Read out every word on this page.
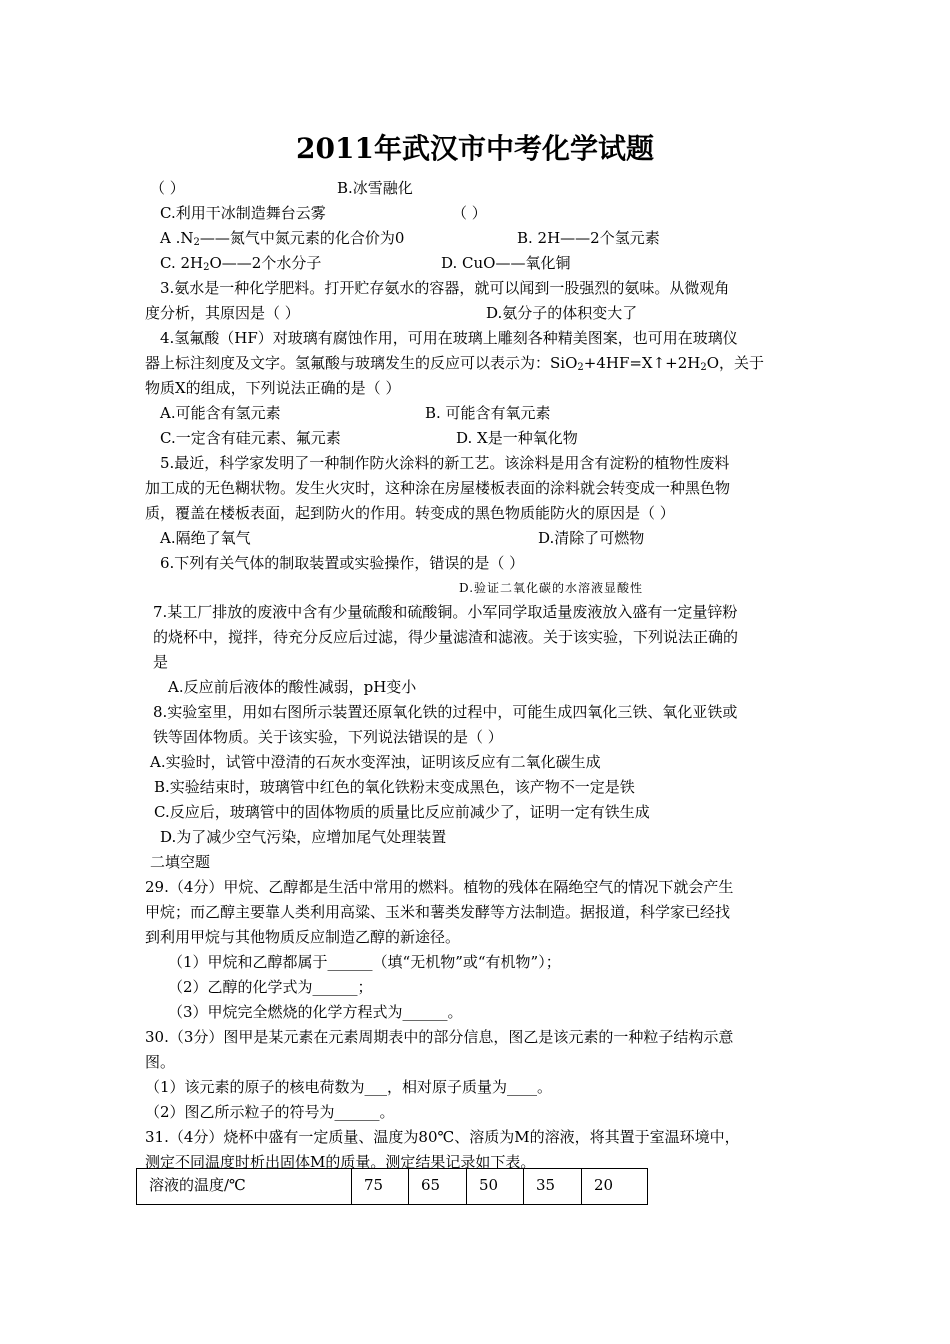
2011年武汉市中考化学试题
（ ）	B.冰雪融化
C.利用干冰制造舞台云雾	（ ）
A $.N_2——$氮气中氮元素的化合价为0	B. 2H——2个氢元素
C. $2H_2O——2$个水分子	D. CuO——氧化铜
3.氨水是一种化学肥料。打开贮存氨水的容器，就可以闻到一股强烈的氨味。从微观角
度分析，其原因是（ ）	D.氨分子的体积变大了
4.氢氟酸（HF）对玻璃有腐蚀作用，可用在玻璃上雕刻各种精美图案，也可用在玻璃仪
器上标注刻度及文字。氢氟酸与玻璃发生的反应可以表示为：$SiO_2+4HF=X↑+2H_2O$，关于
物质X的组成，下列说法正确的是（ ）
A.可能含有氢元素	B. 可能含有氧元素
C.一定含有硅元素、氟元素	D. X是一种氧化物
5.最近，科学家发明了一种制作防火涂料的新工艺。该涂料是用含有淀粉的植物性废料
加工成的无色糊状物。发生火灾时，这种涂在房屋楼板表面的涂料就会转变成一种黑色物
质，覆盖在楼板表面，起到防火的作用。转变成的黑色物质能防火的原因是（ ）
A.隔绝了氧气	D.清除了可燃物
6.下列有关气体的制取装置或实验操作，错误的是（ ）
D.验证二氧化碳的水溶液显酸性
7.某工厂排放的废液中含有少量硫酸和硫酸铜。小军同学取适量废液放入盛有一定量锌粉
的烧杯中，搅拌，待充分反应后过滤，得少量滤渣和滤液。关于该实验，下列说法正确的
是
A.反应前后液体的酸性减弱，pH变小
8.实验室里，用如右图所示装置还原氧化铁的过程中，可能生成四氧化三铁、氧化亚铁或
铁等固体物质。关于该实验，下列说法错误的是（ ）
A.实验时，试管中澄清的石灰水变浑浊，证明该反应有二氧化碳生成
B.实验结束时，玻璃管中红色的氧化铁粉末变成黑色，该产物不一定是铁
C.反应后，玻璃管中的固体物质的质量比反应前减少了，证明一定有铁生成
D.为了减少空气污染，应增加尾气处理装置
二填空题
29.（4分）甲烷、乙醇都是生活中常用的燃料。植物的残体在隔绝空气的情况下就会产生
甲烷；而乙醇主要靠人类利用高粱、玉米和薯类发酵等方法制造。据报道，科学家已经找
到利用甲烷与其他物质反应制造乙醇的新途径。
（1）甲烷和乙醇都属于______（填“无机物”或“有机物”）；
（2）乙醇的化学式为______；
（3）甲烷完全燃烧的化学方程式为______。
30.（3分）图甲是某元素在元素周期表中的部分信息，图乙是该元素的一种粒子结构示意
图。
（1）该元素的原子的核电荷数为___，相对原子质量为____。
（2）图乙所示粒子的符号为______。
31.（4分）烧杯中盛有一定质量、温度为80℃、溶质为M的溶液，将其置于室温环境中，
测定不同温度时析出固体M的质量。测定结果记录如下表。
溶液的温度/℃	75	65	50	35	20
